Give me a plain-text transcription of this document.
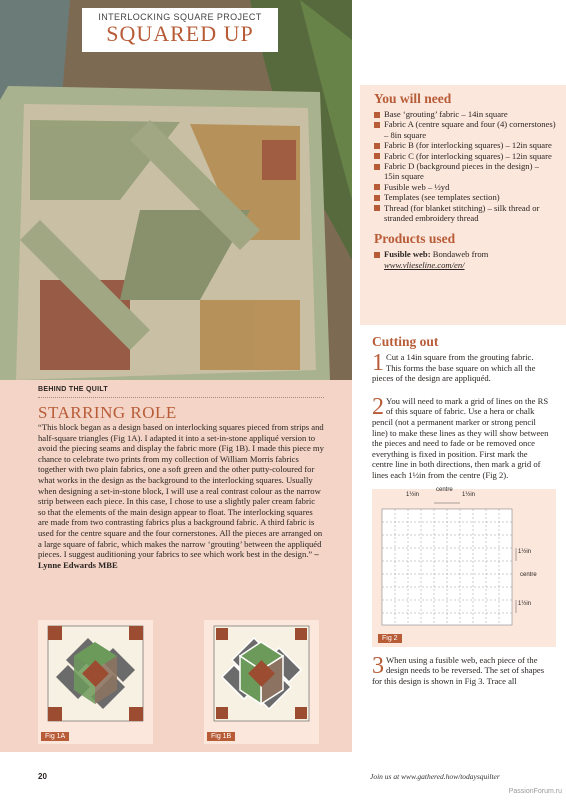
INTERLOCKING SQUARE PROJECT
SQUARED UP
You will need
Base ‘grouting’ fabric – 14in square
Fabric A (centre square and four (4) cornerstones) – 8in square
Fabric B (for interlocking squares) – 12in square
Fabric C (for interlocking squares) – 12in square
Fabric D (background pieces in the design) – 15in square
Fusible web – ½yd
Templates (see templates section)
Thread (for blanket stitching) – silk thread or stranded embroidery thread
Products used
Fusible web: Bondaweb from
www.vlieseline.com/en/
Cutting out
1 Cut a 14in square from the grouting fabric. This forms the base square on which all the pieces of the design are appliquéd.
2 You will need to mark a grid of lines on the RS of this square of fabric. Use a hera or chalk pencil (not a permanent marker or strong pencil line) to make these lines as they will show between the pieces and need to fade or be removed once everything is fixed in position. First mark the centre line in both directions, then mark a grid of lines each 1½in from the centre (Fig 2).
1½in
centre
1½in
1½in
centre
1½in
Fig 2
3 When using a fusible web, each piece of the design needs to be reversed. The set of shapes for this design is shown in Fig 3. Trace all
BEHIND THE QUILT
STARRING ROLE
“This block began as a design based on interlocking squares pieced from strips and half-square triangles (Fig 1A). I adapted it into a set-in-stone appliqué version to avoid the piecing seams and display the fabric more (Fig 1B). I made this piece my chance to celebrate two prints from my collection of William Morris fabrics together with two plain fabrics, one a soft green and the other putty-coloured for what works in the design as the background to the interlocking squares. Usually when designing a set-in-stone block, I will use a real contrast colour as the narrow strip between each piece. In this case, I chose to use a slightly paler cream fabric so that the elements of the main design appear to float. The interlocking squares are made from two contrasting fabrics plus a background fabric. A third fabric is used for the centre square and the four cornerstones. All the pieces are arranged on a large square of fabric, which makes the narrow ‘grouting’ between the appliquéd pieces. I suggest auditioning your fabrics to see which work best in the design.” – Lynne Edwards MBE
Fig 1A	Fig 1B
20	Join us at www.gathered.how/todaysquilter
PassionForum.ru
